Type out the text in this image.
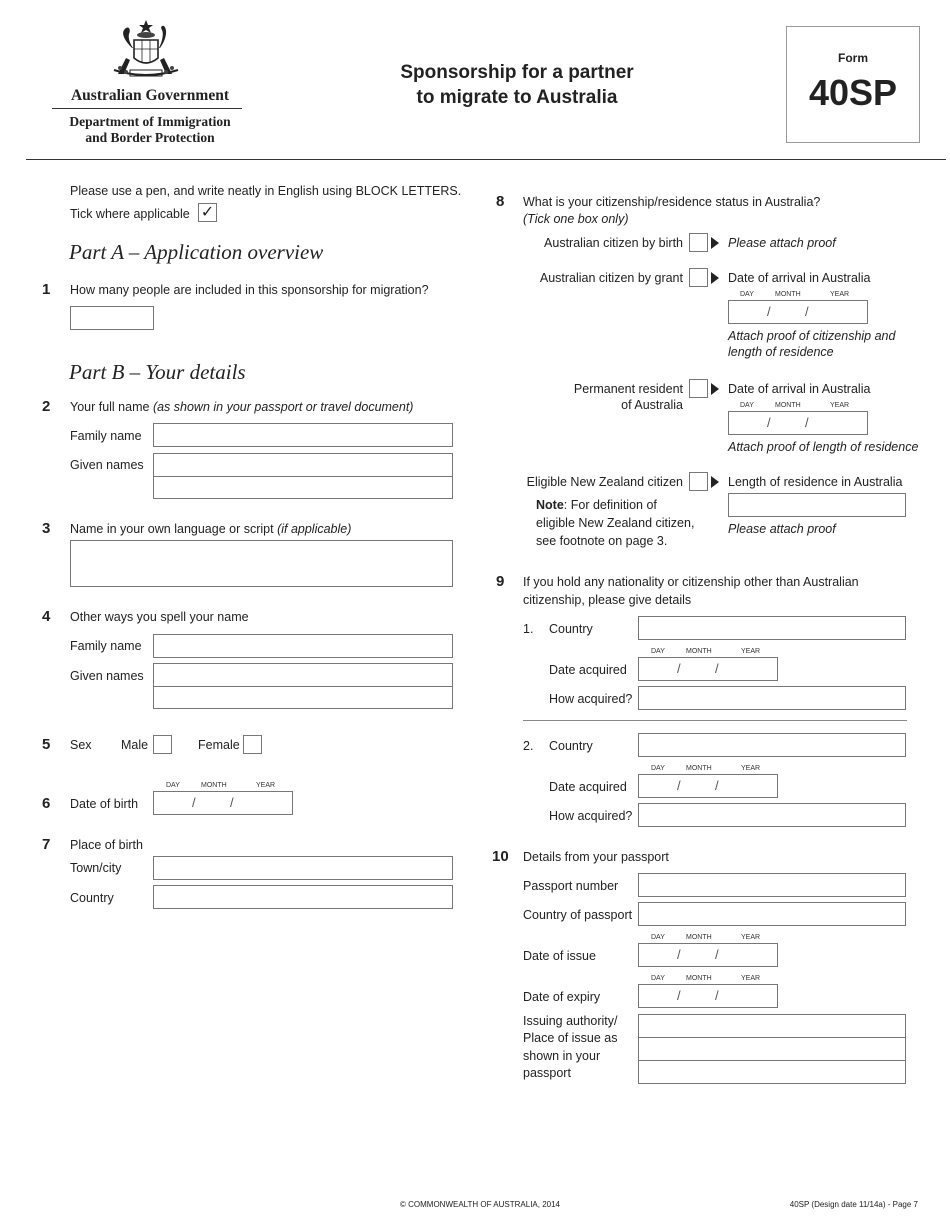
Australian Government
Department of Immigration
and Border Protection
Sponsorship for a partner
to migrate to Australia
Form
40SP
Please use a pen, and write neatly in English using BLOCK LETTERS.
Tick where applicable ✓
Part A – Application overview
1 How many people are included in this sponsorship for migration?
Part B – Your details
2 Your full name (as shown in your passport or travel document)
Family name
Given names
3 Name in your own language or script (if applicable)
4 Other ways you spell your name
Family name
Given names
5 Sex Male	Female
DAY	MONTH	YEAR
6 Date of birth	/	/
7 Place of birth
Town/city
Country
8 What is your citizenship/residence status in Australia?
(Tick one box only)
Australian citizen by birth	Please attach proof
Australian citizen by grant	Date of arrival in Australia
DAY	MONTH	YEAR
/	/
Attach proof of citizenship and
length of residence
Permanent resident
of Australia
Date of arrival in Australia
DAY	MONTH	YEAR
/	/
Attach proof of length of residence
Eligible New Zealand citizen	Length of residence in Australia
Please attach proof
Note: For definition of
eligible New Zealand citizen,
see footnote on page 3.
9 If you hold any nationality or citizenship other than Australian
citizenship, please give details
1. Country
DAY	MONTH	YEAR
Date acquired	/	/
How acquired?
2. Country
DAY	MONTH	YEAR
Date acquired	/	/
How acquired?
10 Details from your passport
Passport number
Country of passport
DAY	MONTH	YEAR
Date of issue	/	/
DAY	MONTH	YEAR
Date of expiry	/	/
Issuing authority/
Place of issue as
shown in your
passport
© COMMONWEALTH OF AUSTRALIA, 2014	40SP (Design date 11/14a) - Page 7
